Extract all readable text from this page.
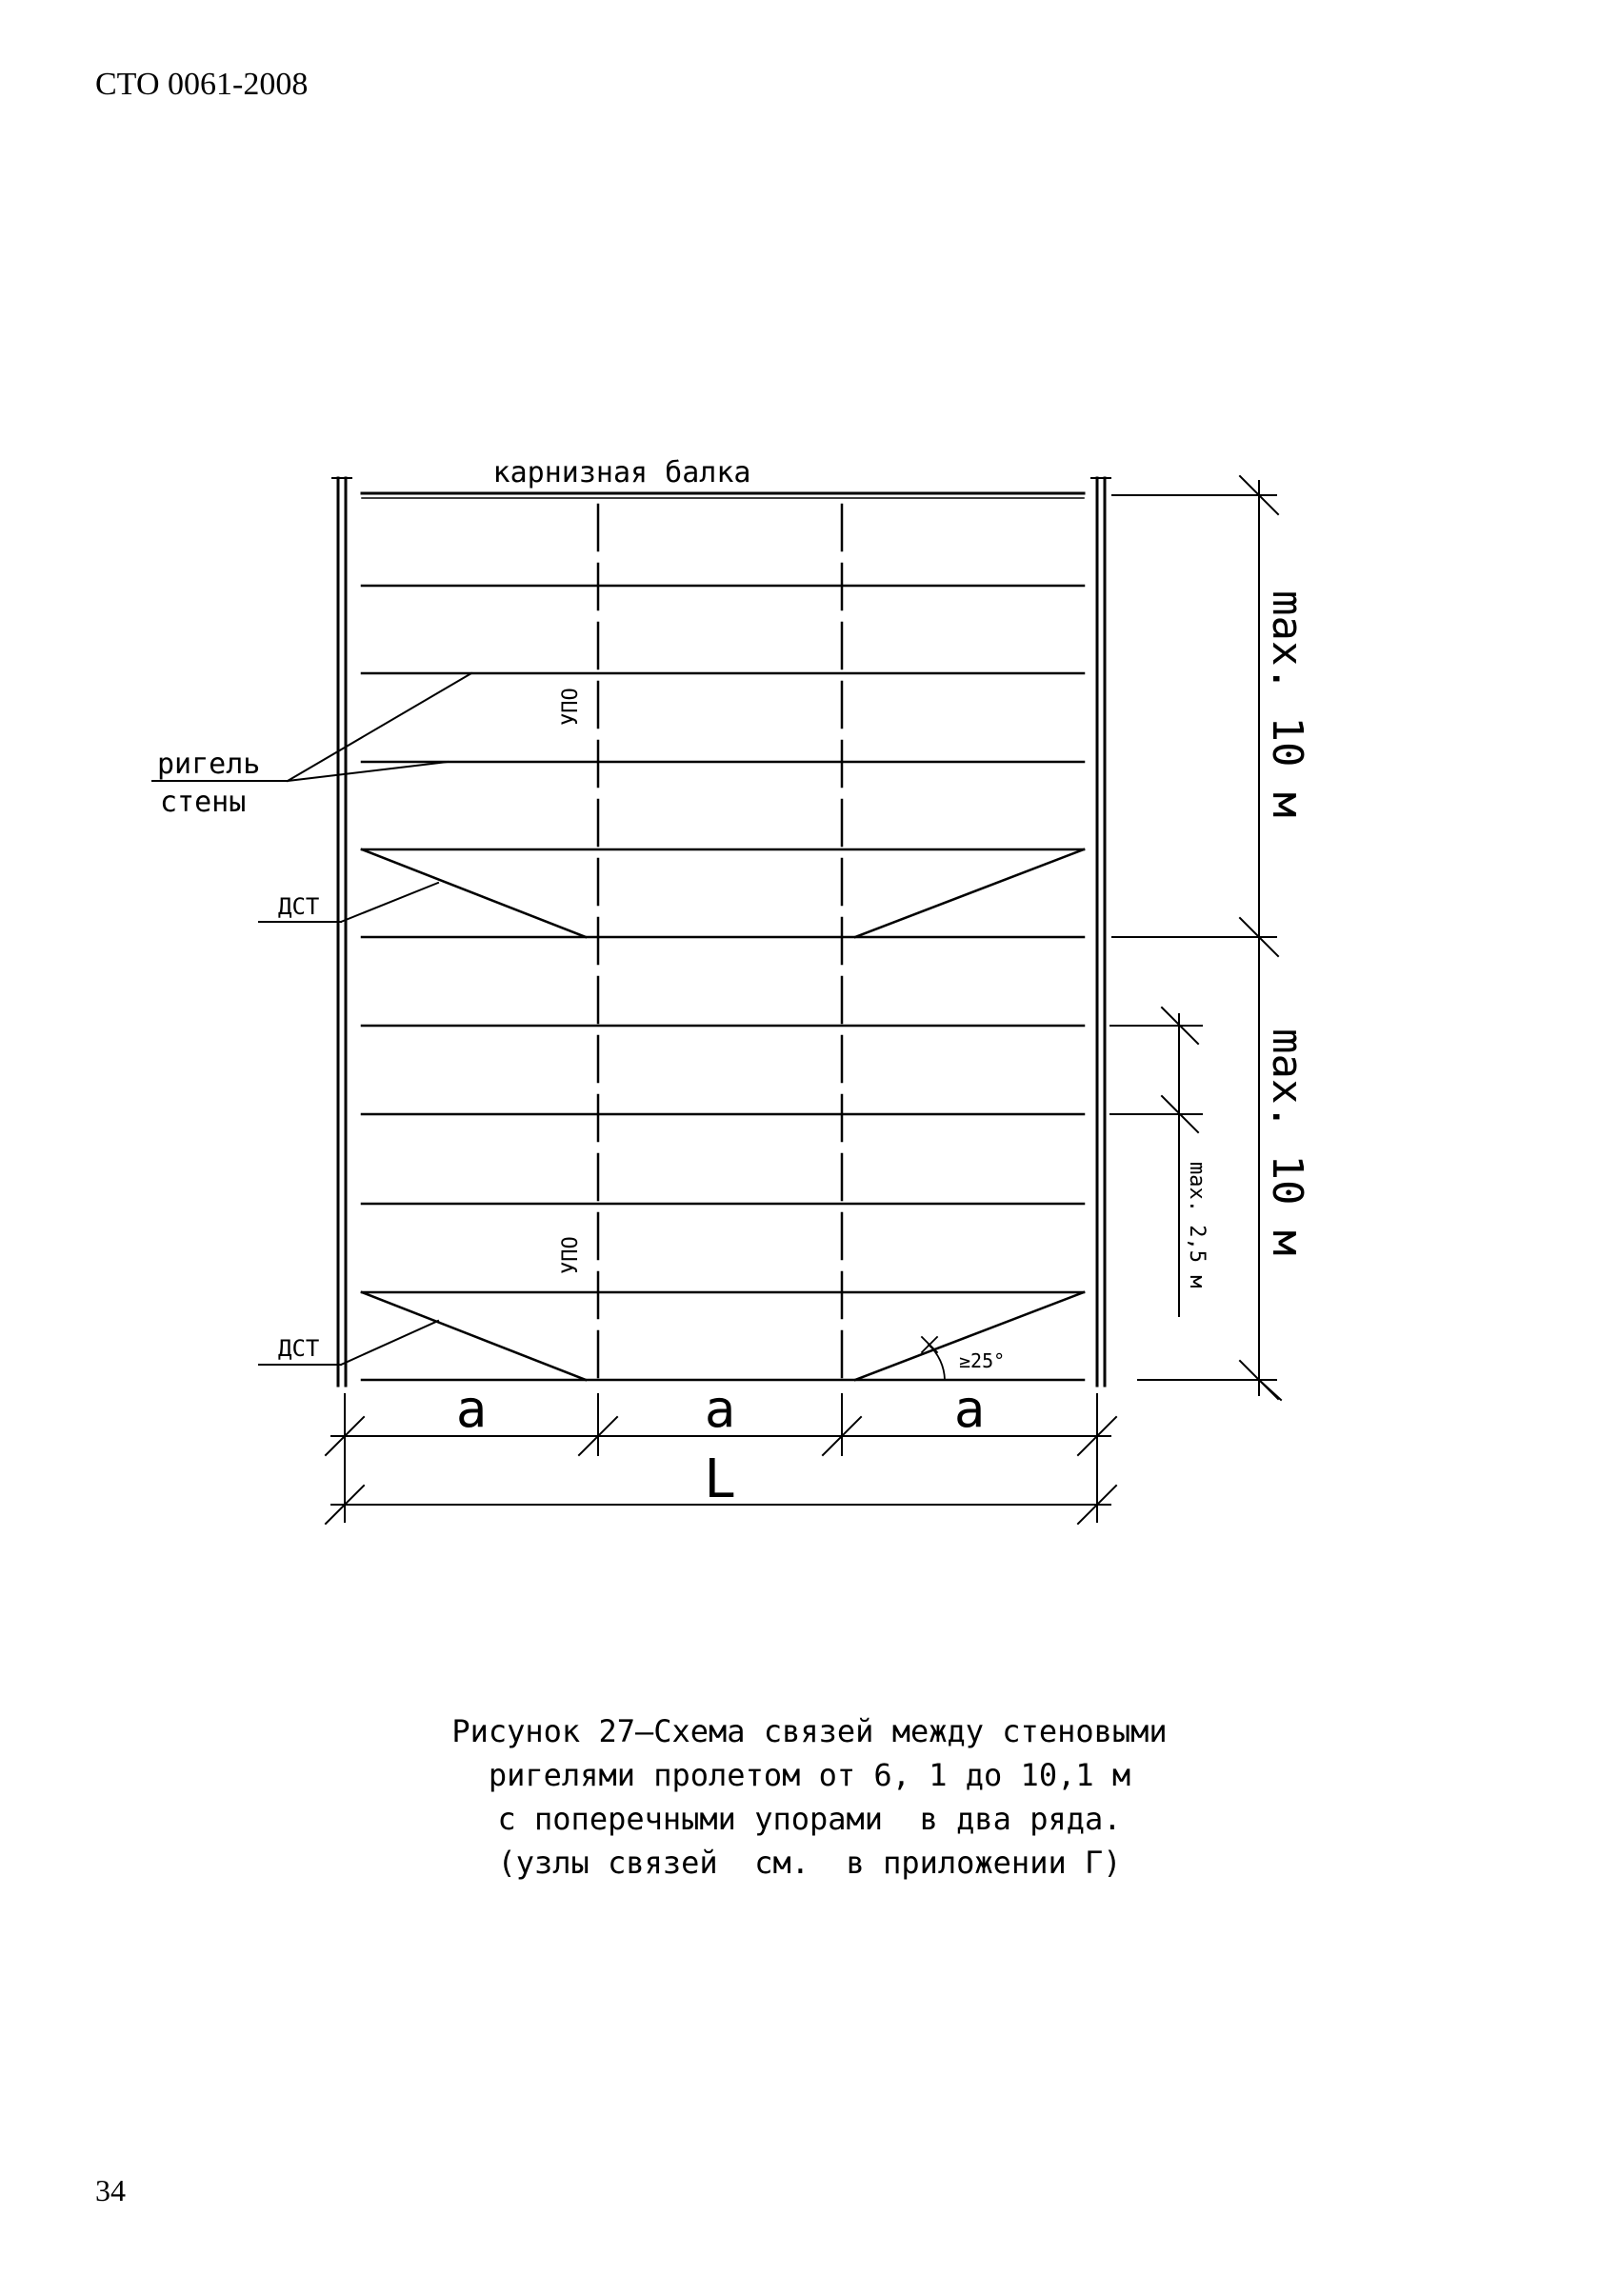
СТО 0061-2008
карнизная балка
ригель
стены
ДСТ
ДСТ
УПО
УПО
max. 10 м
max. 10 м
max. 2,5 м
≥25°
a	a	a
L
Рисунок 27–Схема связей между стеновыми
ригелями пролетом от 6, 1 до 10,1 м
с поперечными упорами  в два ряда.
(узлы связей  см.  в приложении Г)
34
